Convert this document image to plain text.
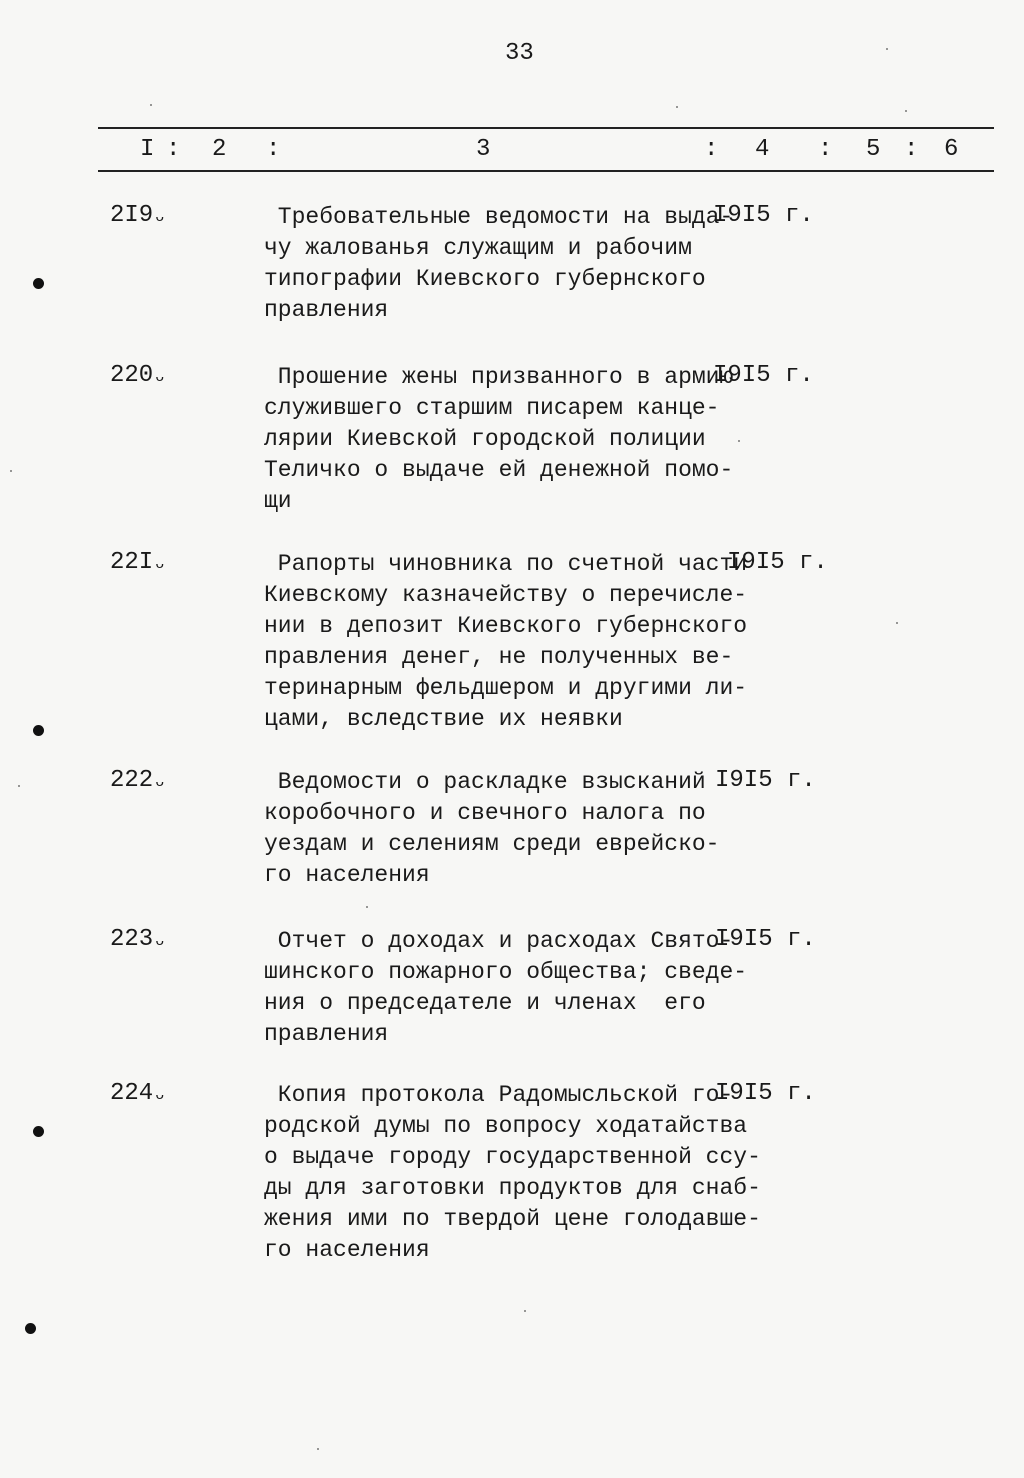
33
I : 2 :	3	: 4 : 5 : 6
2I9 ᴗ	Требовательные ведомости на выда-
чу жалованья служащим и рабочим
типографии Киевского губернского
правления
I9I5 г.
220 ᴗ	Прошение жены призванного в армию
служившего старшим писарем канце-
лярии Киевской городской полиции
Теличко о выдаче ей денежной помо-
щи
I9I5 г.
22I ᴗ	Рапорты чиновника по счетной части
Киевскому казначейству о перечисле-
нии в депозит Киевского губернского
правления денег, не полученных ве-
теринарным фельдшером и другими ли-
цами, вследствие их неявки
I9I5 г.
222 ᴗ	Ведомости о раскладке взысканий
коробочного и свечного налога по
уездам и селениям среди еврейско-
го населения
I9I5 г.
223 ᴗ	Отчет о доходах и расходах Свято-
шинского пожарного общества; сведе-
ния о председателе и членах  его
правления
I9I5 г.
224 ᴗ	Копия протокола Радомысльской го-
родской думы по вопросу ходатайства
о выдаче городу государственной ссу-
ды для заготовки продуктов для снаб-
жения ими по твердой цене голодавше-
го населения
I9I5 г.
